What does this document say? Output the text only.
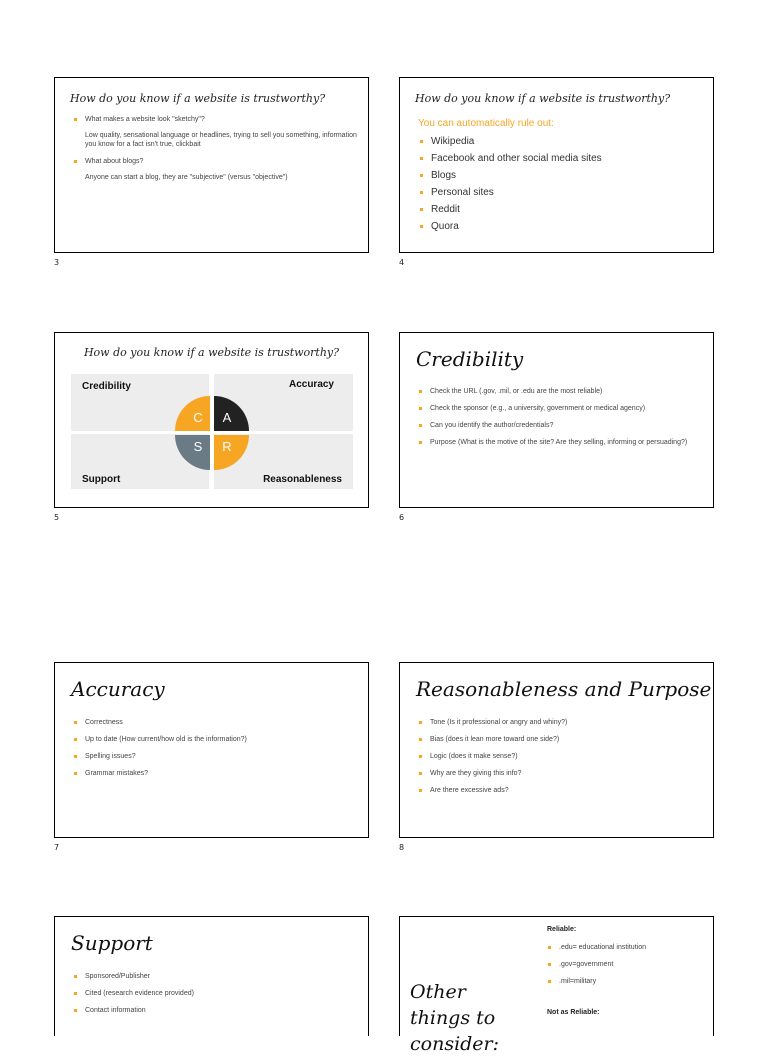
How do you know if a website is trustworthy?
What makes a website look "sketchy"?
Low quality, sensational language or headlines, trying to sell you something, information you know for a fact isn't true, clickbait
What about blogs?
Anyone can start a blog, they are "subjective" (versus "objective")
3
How do you know if a website is trustworthy?
You can automatically rule out:
Wikipedia
Facebook and other social media sites
Blogs
Personal sites
Reddit
Quora
4
How do you know if a website is trustworthy?
Credibility	Accuracy
Support	Reasonableness
C	A
S	R
5
Credibility
Check the URL (.gov, .mil, or .edu are the most reliable)
Check the sponsor (e.g., a university, government or medical agency)
Can you identify the author/credentials?
Purpose (What is the motive of the site? Are they selling, informing or persuading?)
6
Accuracy
Correctness
Up to date (How current/how old is the information?)
Spelling issues?
Grammar mistakes?
7
Reasonableness and Purpose
Tone (Is it professional or angry and whiny?)
Bias (does it lean more toward one side?)
Logic (does it make sense?)
Why are they giving this info?
Are there excessive ads?
8
Support
Sponsored/Publisher
Cited (research evidence provided)
Contact information
Other things to consider:
Reliable:
.edu= educational institution
.gov=government
.mil=military
Not as Reliable:
